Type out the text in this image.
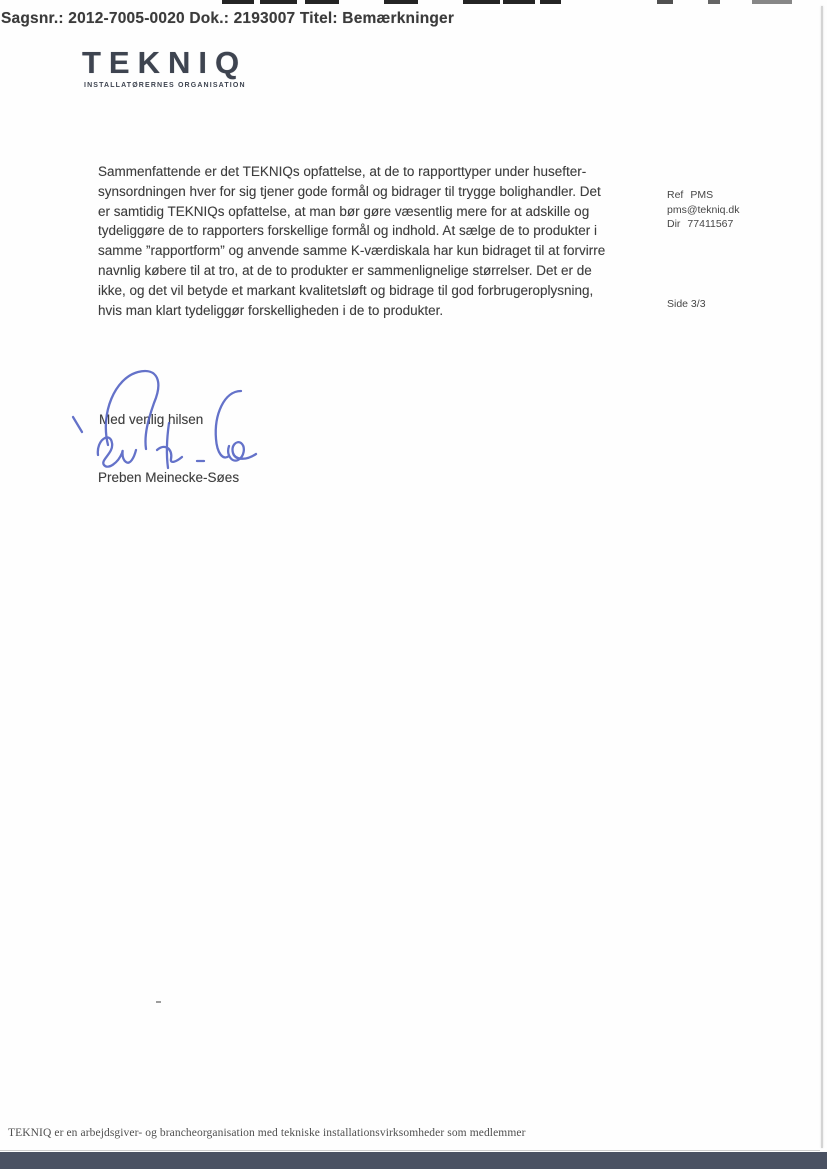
Sagsnr.: 2012-7005-0020 Dok.: 2193007 Titel: Bemærkninger
TEKNIQ
INSTALLATØRERNES ORGANISATION
Sammenfattende er det TEKNIQs opfattelse, at de to rapporttyper under husefter-
synsordningen hver for sig tjener gode formål og bidrager til trygge bolighandler. Det
er samtidig TEKNIQs opfattelse, at man bør gøre væsentlig mere for at adskille og
tydeliggøre de to rapporters forskellige formål og indhold. At sælge de to produkter i
samme ”rapportform” og anvende samme K-værdiskala har kun bidraget til at forvirre
navnlig købere til at tro, at de to produkter er sammenlignelige størrelser. Det er de
ikke, og det vil betyde et markant kvalitetsløft og bidrage til god forbrugeroplysning,
hvis man klart tydeliggør forskelligheden i de to produkter.
Ref PMS
pms@tekniq.dk
Dir 77411567
Side 3/3
Med venlig hilsen
Preben Meinecke-Søes
TEKNIQ er en arbejdsgiver- og brancheorganisation med tekniske installationsvirksomheder som medlemmer
